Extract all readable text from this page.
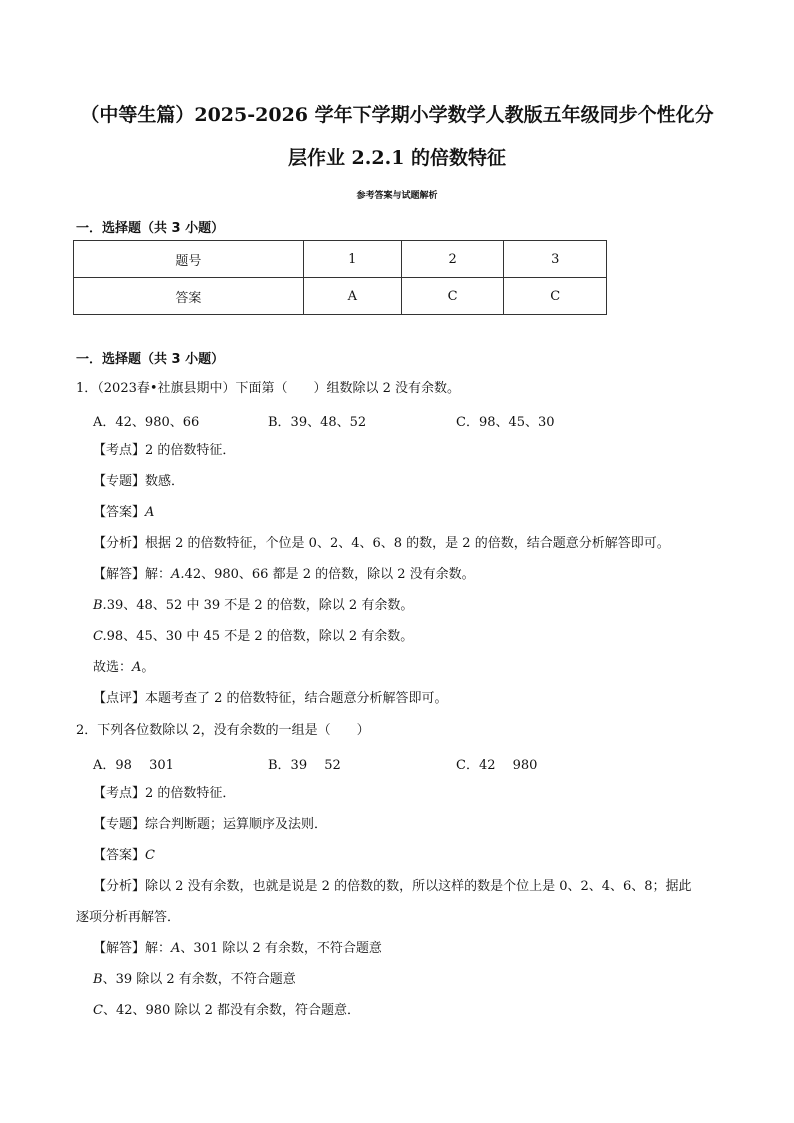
（中等生篇）2025-2026 学年下学期小学数学人教版五年级同步个性化分
层作业 2.2.1 的倍数特征
参考答案与试题解析
一．选择题（共 3 小题）
题号	1	2	3
答案	A	C	C
一．选择题（共 3 小题）
1．（2023春•社旗县期中）下面第（　　）组数除以 2 没有余数。
A．42、980、66	B．39、48、52	C．98、45、30
【考点】2 的倍数特征．
【专题】数感．
【答案】A
【分析】根据 2 的倍数特征，个位是 0、2、4、6、8 的数，是 2 的倍数，结合题意分析解答即可。
【解答】解：A.42、980、66 都是 2 的倍数，除以 2 没有余数。
B.39、48、52 中 39 不是 2 的倍数，除以 2 有余数。
C.98、45、30 中 45 不是 2 的倍数，除以 2 有余数。
故选：A。
【点评】本题考查了 2 的倍数特征，结合题意分析解答即可。
2．下列各位数除以 2，没有余数的一组是（　　）
A．98　 301	B．39　 52	C．42　 980
【考点】2 的倍数特征．
【专题】综合判断题；运算顺序及法则．
【答案】C
【分析】除以 2 没有余数，也就是说是 2 的倍数的数，所以这样的数是个位上是 0、2、4、6、8；据此
逐项分析再解答．
【解答】解：A、301 除以 2 有余数，不符合题意
B、39 除以 2 有余数，不符合题意
C、42、980 除以 2 都没有余数，符合题意．
